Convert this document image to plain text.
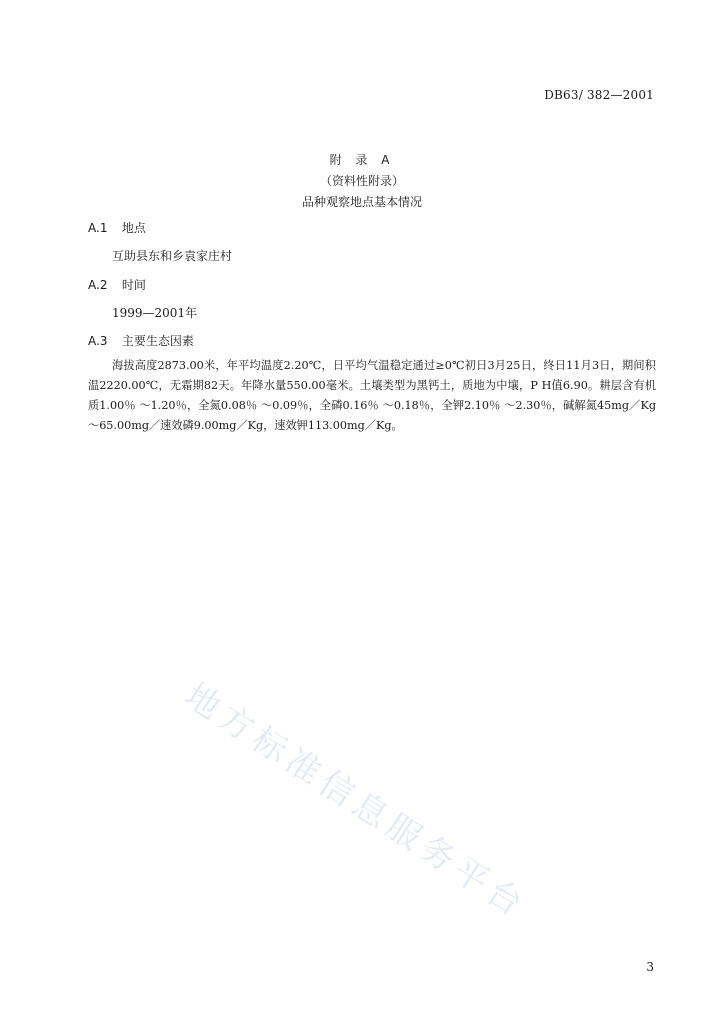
DB63/ 382—2001
附 录 A
（资料性附录）
品种观察地点基本情况
A.1 地点
互助县东和乡袁家庄村
A.2 时间
1999—2001年
A.3 主要生态因素
海拔高度2873.00米，年平均温度2.20℃，日平均气温稳定通过≥0℃初日3月25日，终日11月3日，期间积温2220.00℃，无霜期82天。年降水量550.00毫米。土壤类型为黑钙土，质地为中壤，P H值6.90。耕层含有机质1.00％ ～1.20％，全氮0.08％ ～0.09％，全磷0.16％ ～0.18％，全钾2.10％ ～2.30％，碱解氮45mg／Kg～65.00mg／速效磷9.00mg／Kg，速效钾113.00mg／Kg。
地方标准信息服务平台
3
